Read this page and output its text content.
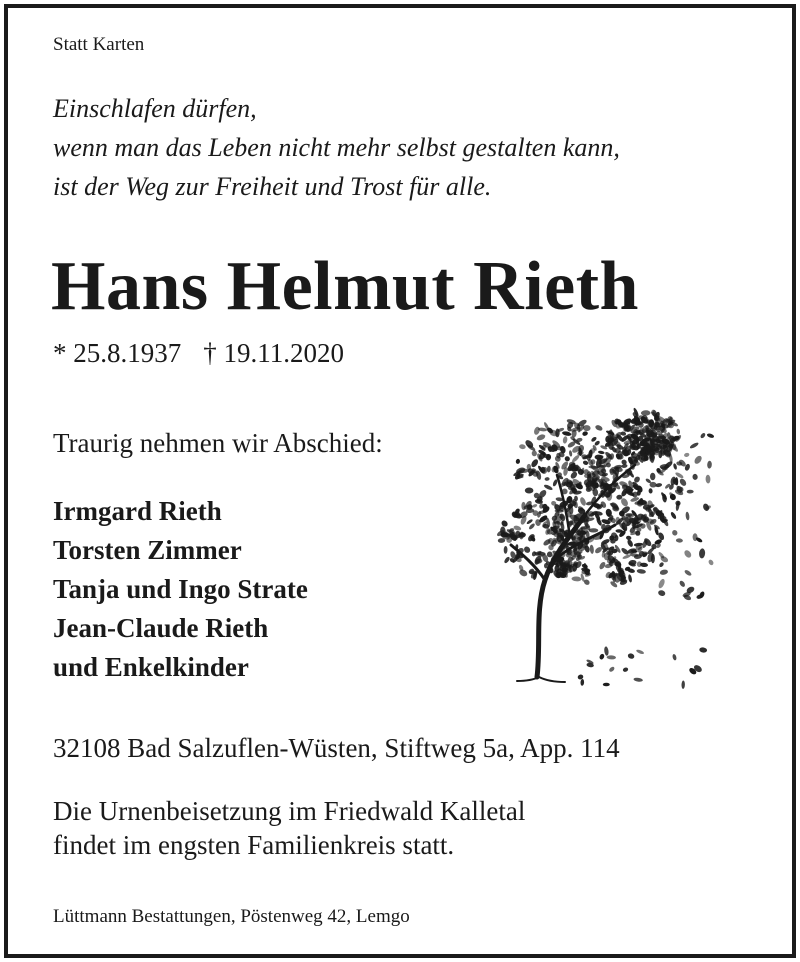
Statt Karten
Einschlafen dürfen,
wenn man das Leben nicht mehr selbst gestalten kann,
ist der Weg zur Freiheit und Trost für alle.
Hans Helmut Rieth
* 25.8.1937 † 19.11.2020
Traurig nehmen wir Abschied:
Irmgard Rieth
Torsten Zimmer
Tanja und Ingo Strate
Jean-Claude Rieth
und Enkelkinder
32108 Bad Salzuflen-Wüsten, Stiftweg 5a, App. 114
Die Urnenbeisetzung im Friedwald Kalletal
findet im engsten Familienkreis statt.
Lüttmann Bestattungen, Pöstenweg 42, Lemgo
